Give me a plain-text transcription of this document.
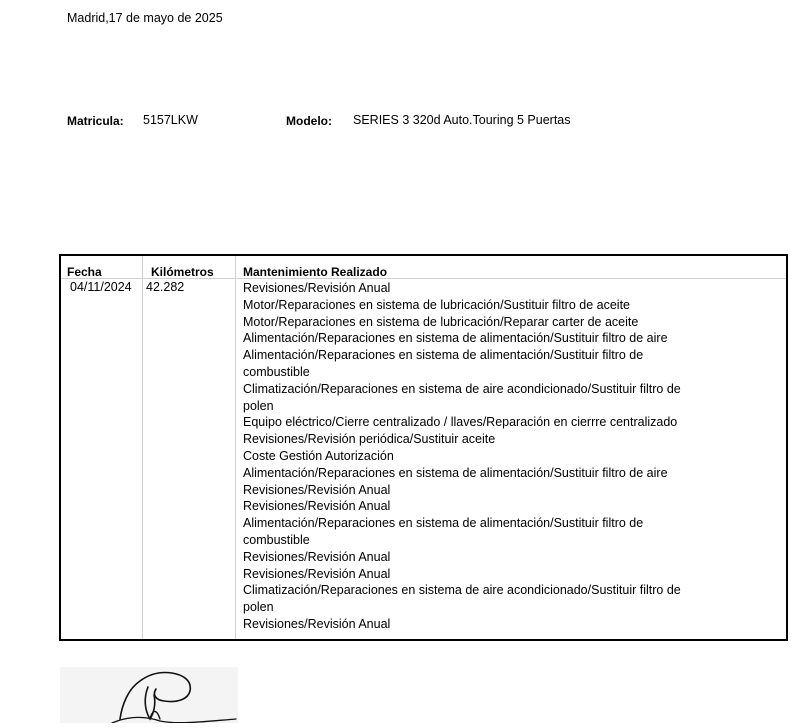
Madrid,17 de mayo de 2025
Matricula: 5157LKW	Modelo: SERIES 3 320d Auto.Touring 5 Puertas
Fecha	Kilómetros Mantenimiento Realizado
04/11/2024 42.282	Revisiones/Revisión Anual
Motor/Reparaciones en sistema de lubricación/Sustituir filtro de aceite
Motor/Reparaciones en sistema de lubricación/Reparar carter de aceite
Alimentación/Reparaciones en sistema de alimentación/Sustituir filtro de aire
Alimentación/Reparaciones en sistema de alimentación/Sustituir filtro de
combustible
Climatización/Reparaciones en sistema de aire acondicionado/Sustituir filtro de
polen
Equipo eléctrico/Cierre centralizado / llaves/Reparación en cierrre centralizado
Revisiones/Revisión periódica/Sustituir aceite
Coste Gestión Autorización
Alimentación/Reparaciones en sistema de alimentación/Sustituir filtro de aire
Revisiones/Revisión Anual
Revisiones/Revisión Anual
Alimentación/Reparaciones en sistema de alimentación/Sustituir filtro de
combustible
Revisiones/Revisión Anual
Revisiones/Revisión Anual
Climatización/Reparaciones en sistema de aire acondicionado/Sustituir filtro de
polen
Revisiones/Revisión Anual
